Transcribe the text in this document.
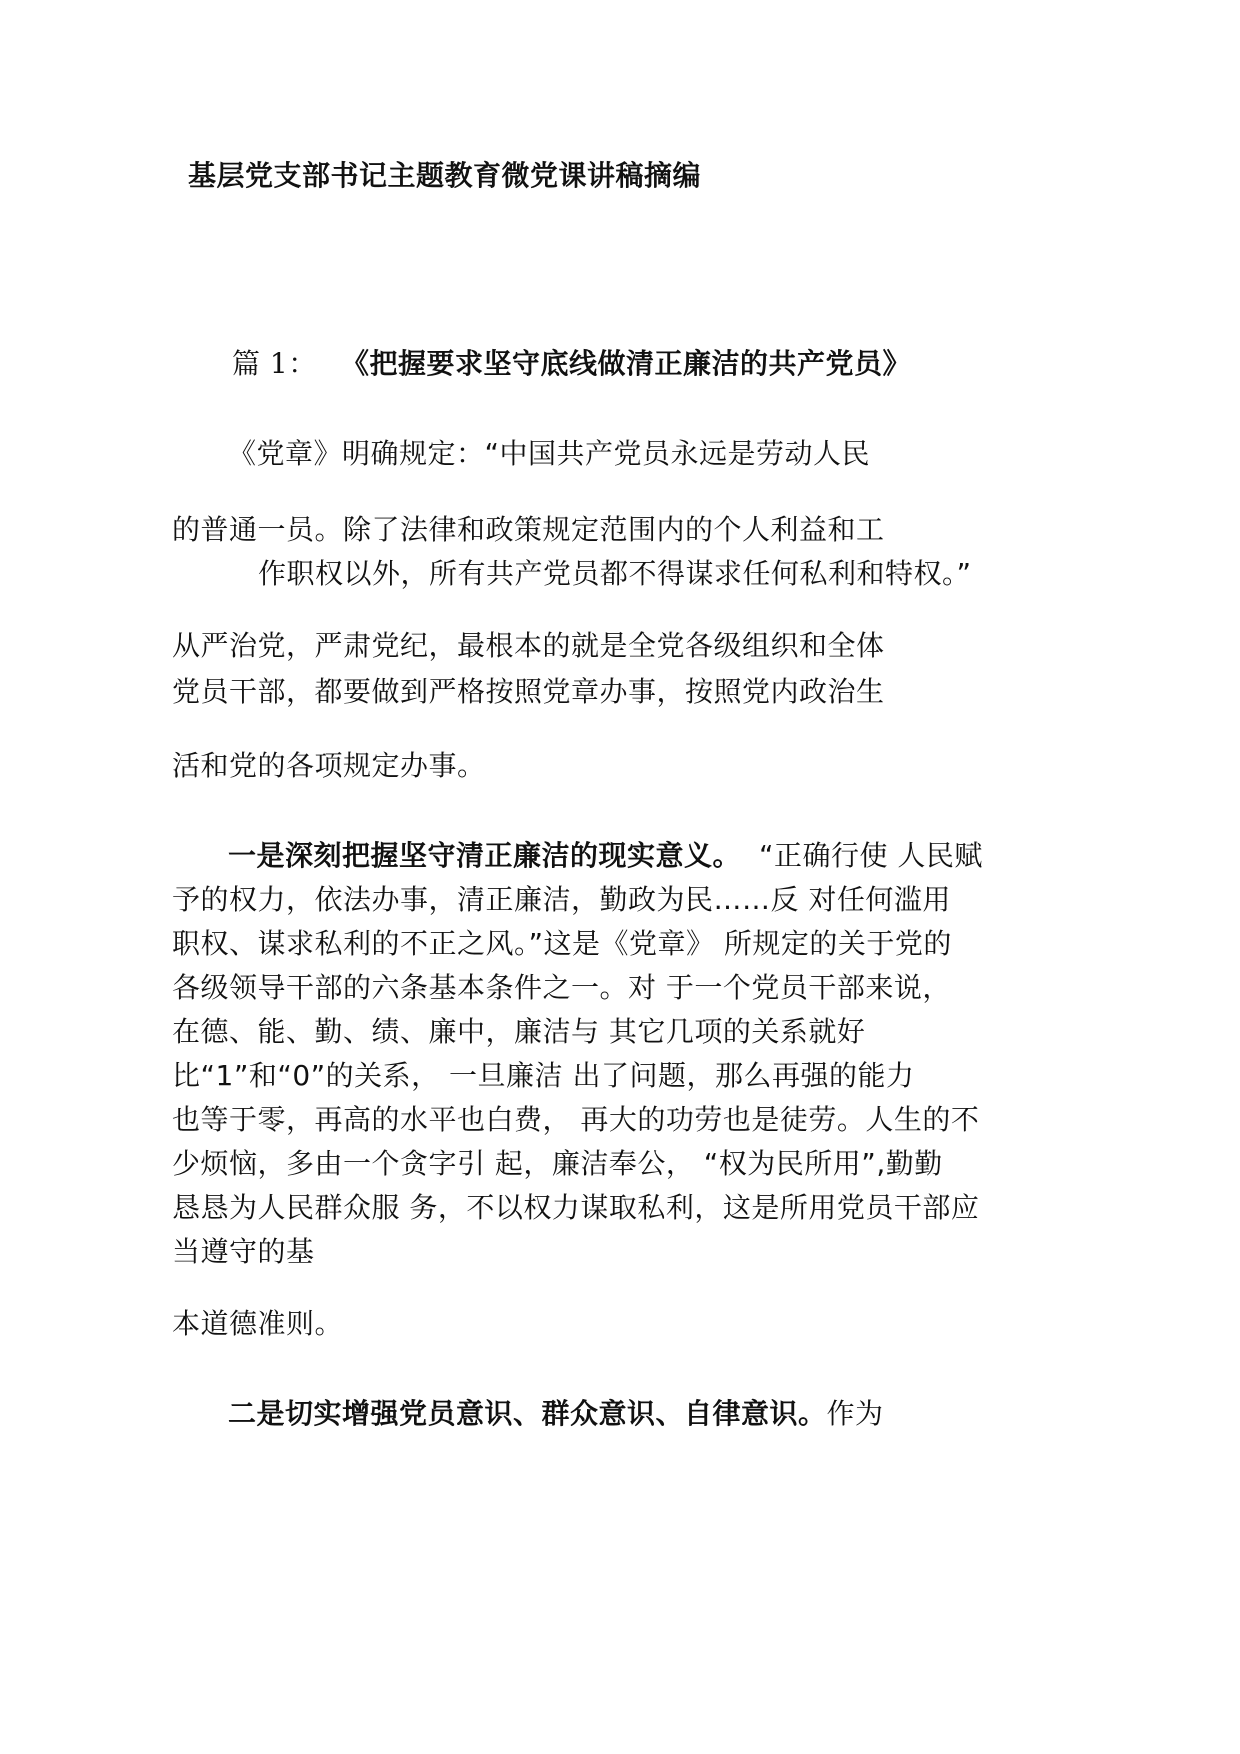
基层党支部书记主题教育微党课讲稿摘编
篇 1： 《把握要求坚守底线做清正廉洁的共产党员》
《党章》明确规定：“中国共产党员永远是劳动人民
的普通一员。除了法律和政策规定范围内的个人利益和工
作职权以外，所有共产党员都不得谋求任何私利和特权。”
从严治党，严肃党纪，最根本的就是全党各级组织和全体
党员干部，都要做到严格按照党章办事，按照党内政治生
活和党的各项规定办事。
一是深刻把握坚守清正廉洁的现实意义。 “正确行使 人民赋
予的权力，依法办事，清正廉洁，勤政为民……反 对任何滥用
职权、谋求私利的不正之风。”这是《党章》 所规定的关于党的
各级领导干部的六条基本条件之一。对 于一个党员干部来说，
在德、能、勤、绩、廉中，廉洁与 其它几项的关系就好
比“1”和“0”的关系， 一旦廉洁 出了问题，那么再强的能力
也等于零，再高的水平也白费， 再大的功劳也是徒劳。人生的不
少烦恼，多由一个贪字引 起，廉洁奉公， “权为民所用”,勤勤
恳恳为人民群众服 务，不以权力谋取私利，这是所用党员干部应
当遵守的基
本道德准则。
二是切实增强党员意识、群众意识、自律意识。作为
